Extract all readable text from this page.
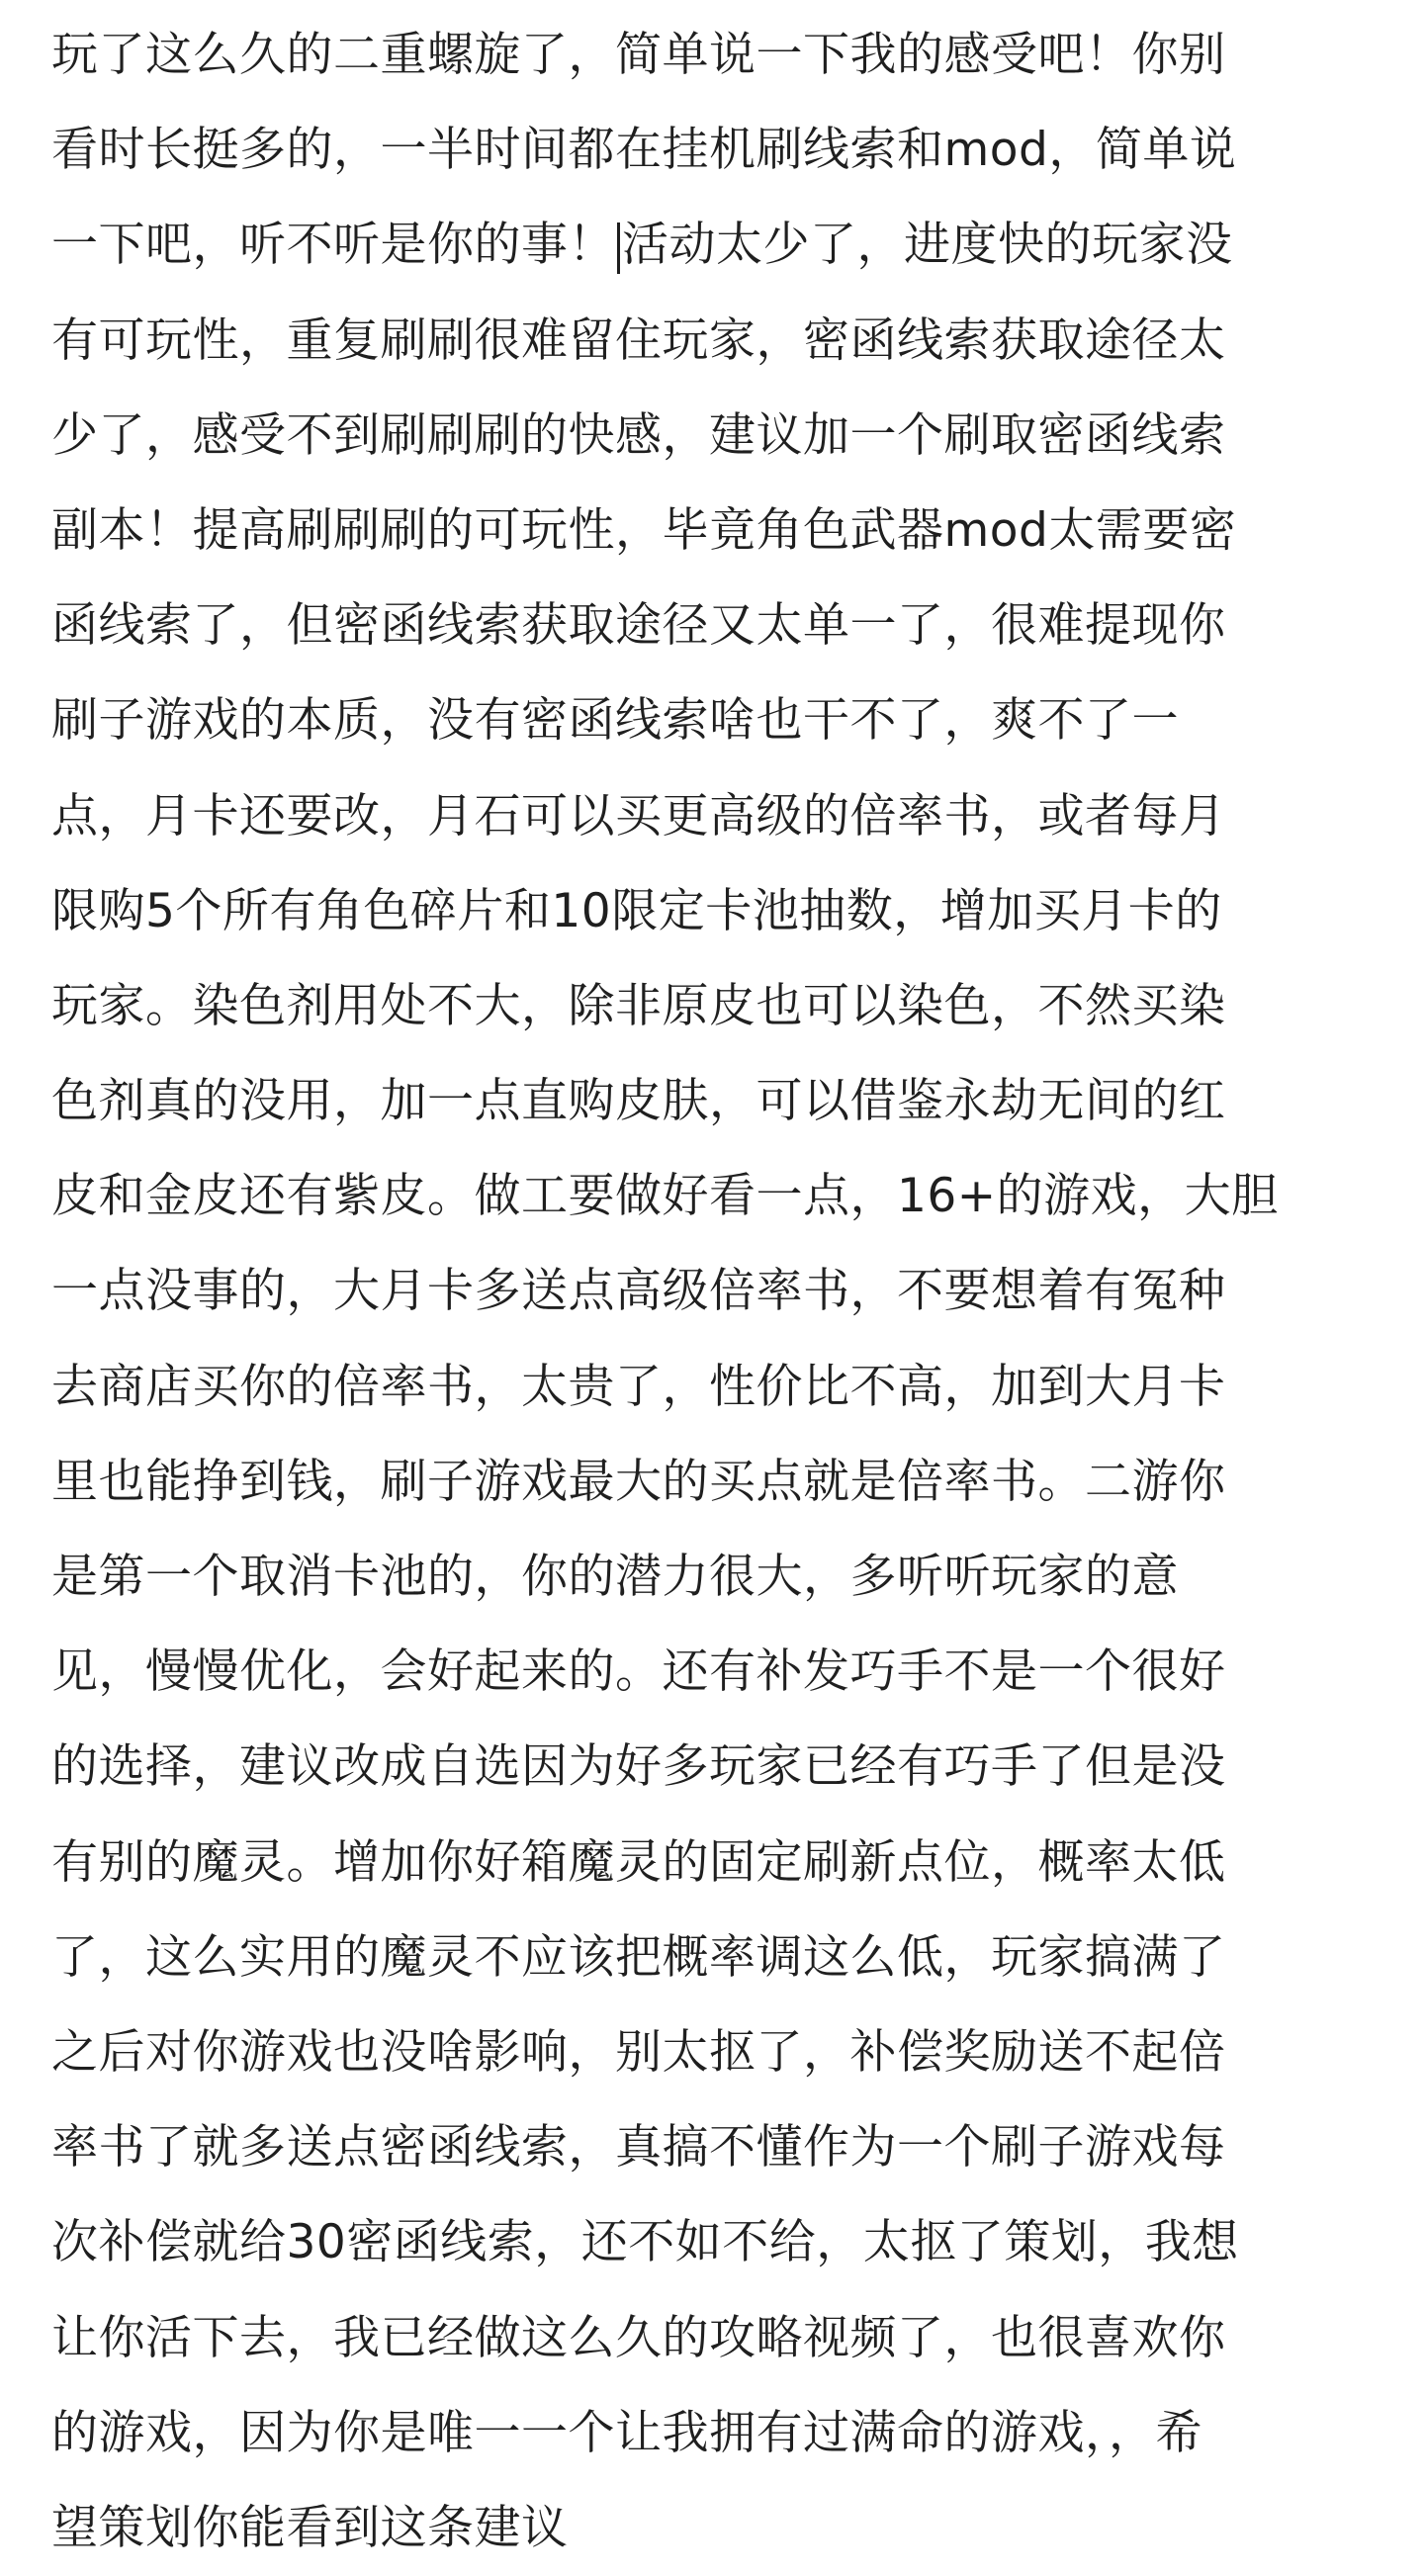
玩了这么久的二重螺旋了，简单说一下我的感受吧！你别
看时长挺多的，一半时间都在挂机刷线索和mod，简单说
一下吧，听不听是你的事！ 活动太少了，进度快的玩家没
有可玩性，重复刷刷很难留住玩家，密函线索获取途径太
少了，感受不到刷刷刷的快感，建议加一个刷取密函线索
副本！提高刷刷刷的可玩性，毕竟角色武器mod太需要密
函线索了，但密函线索获取途径又太单一了，很难提现你
刷子游戏的本质，没有密函线索啥也干不了，爽不了一
点，月卡还要改，月石可以买更高级的倍率书，或者每月
限购5个所有角色碎片和10限定卡池抽数，增加买月卡的
玩家。染色剂用处不大，除非原皮也可以染色，不然买染
色剂真的没用，加一点直购皮肤，可以借鉴永劫无间的红
皮和金皮还有紫皮。做工要做好看一点，16+的游戏，大胆
一点没事的，大月卡多送点高级倍率书，不要想着有冤种
去商店买你的倍率书，太贵了，性价比不高，加到大月卡
里也能挣到钱，刷子游戏最大的买点就是倍率书。二游你
是第一个取消卡池的，你的潜力很大，多听听玩家的意
见，慢慢优化，会好起来的。还有补发巧手不是一个很好
的选择，建议改成自选因为好多玩家已经有巧手了但是没
有别的魔灵。增加你好箱魔灵的固定刷新点位，概率太低
了，这么实用的魔灵不应该把概率调这么低，玩家搞满了
之后对你游戏也没啥影响，别太抠了，补偿奖励送不起倍
率书了就多送点密函线索，真搞不懂作为一个刷子游戏每
次补偿就给30密函线索，还不如不给，太抠了策划，我想
让你活下去，我已经做这么久的攻略视频了，也很喜欢你
的游戏，因为你是唯一一个让我拥有过满命的游戏，，希
望策划你能看到这条建议
